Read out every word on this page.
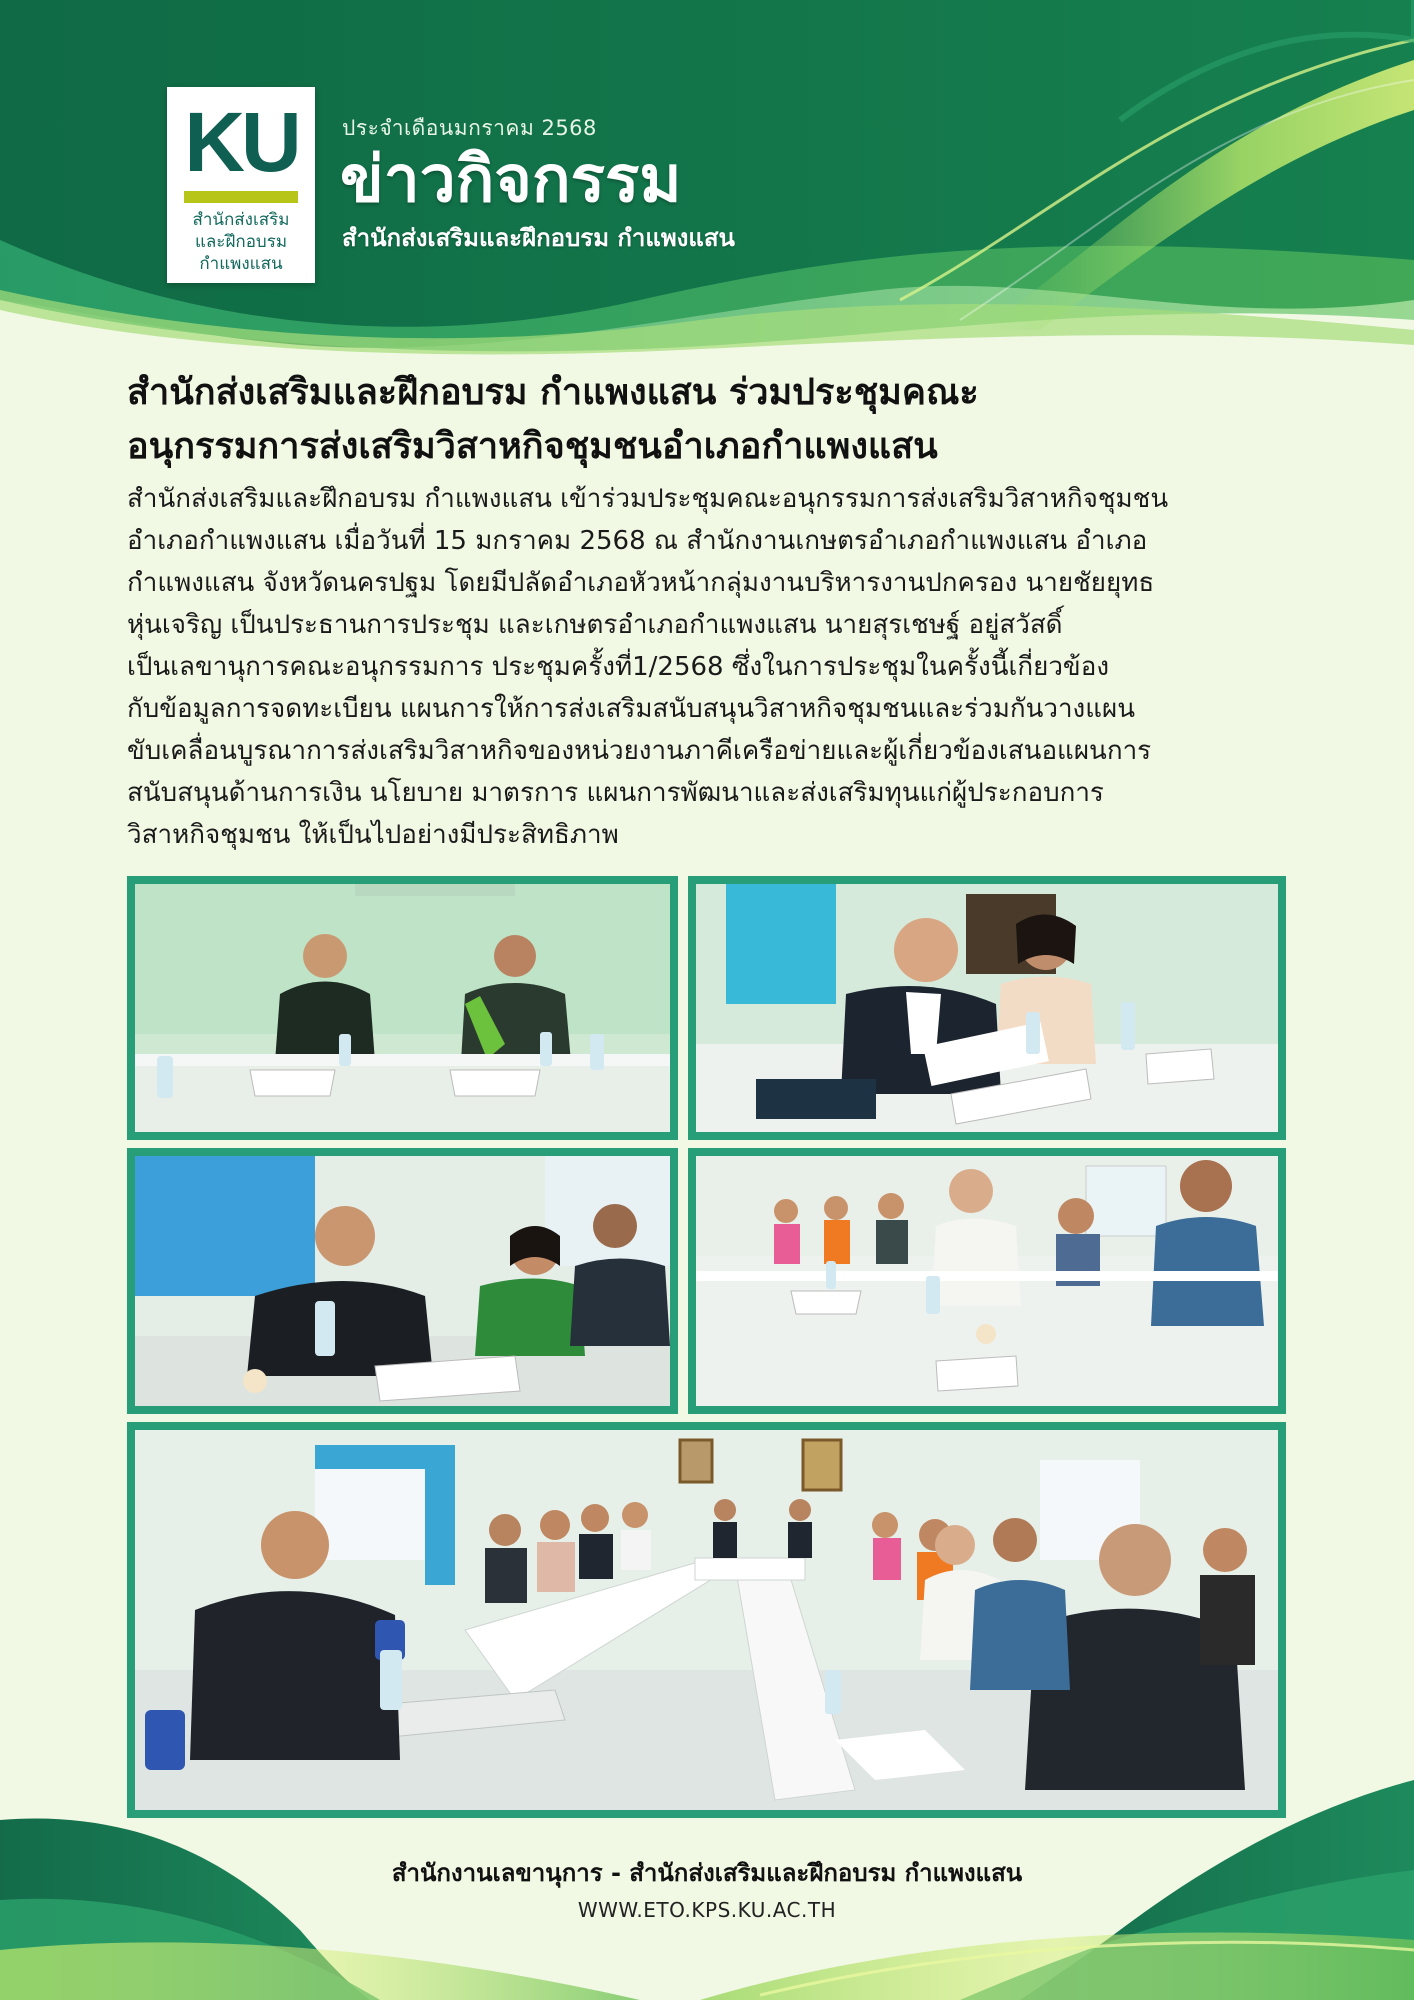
KU
สำนักส่งเสริม
และฝึกอบรม
กำแพงแสน
ประจำเดือนมกราคม 2568
ข่าวกิจกรรม
สำนักส่งเสริมและฝึกอบรม กำแพงแสน
สำนักส่งเสริมและฝึกอบรม กำแพงแสน ร่วมประชุมคณะ
อนุกรรมการส่งเสริมวิสาหกิจชุมชนอำเภอกำแพงแสน
สำนักส่งเสริมและฝึกอบรม กำแพงแสน เข้าร่วมประชุมคณะอนุกรรมการส่งเสริมวิสาหกิจชุมชน
อำเภอกำแพงแสน เมื่อวันที่ 15 มกราคม 2568 ณ สำนักงานเกษตรอำเภอกำแพงแสน อำเภอ
กำแพงแสน จังหวัดนครปฐม โดยมีปลัดอำเภอหัวหน้ากลุ่มงานบริหารงานปกครอง นายชัยยุทธ
หุ่นเจริญ เป็นประธานการประชุม และเกษตรอำเภอกำแพงแสน นายสุรเชษฐ์ อยู่สวัสดิ์
เป็นเลขานุการคณะอนุกรรมการ ประชุมครั้งที่1/2568 ซึ่งในการประชุมในครั้งนี้เกี่ยวข้อง
กับข้อมูลการจดทะเบียน แผนการให้การส่งเสริมสนับสนุนวิสาหกิจชุมชนและร่วมกันวางแผน
ขับเคลื่อนบูรณาการส่งเสริมวิสาหกิจของหน่วยงานภาคีเครือข่ายและผู้เกี่ยวข้องเสนอแผนการ
สนับสนุนด้านการเงิน นโยบาย มาตรการ แผนการพัฒนาและส่งเสริมทุนแก่ผู้ประกอบการ
วิสาหกิจชุมชน ให้เป็นไปอย่างมีประสิทธิภาพ
สำนักงานเลขานุการ - สำนักส่งเสริมและฝึกอบรม กำแพงแสน
WWW.ETO.KPS.KU.AC.TH
